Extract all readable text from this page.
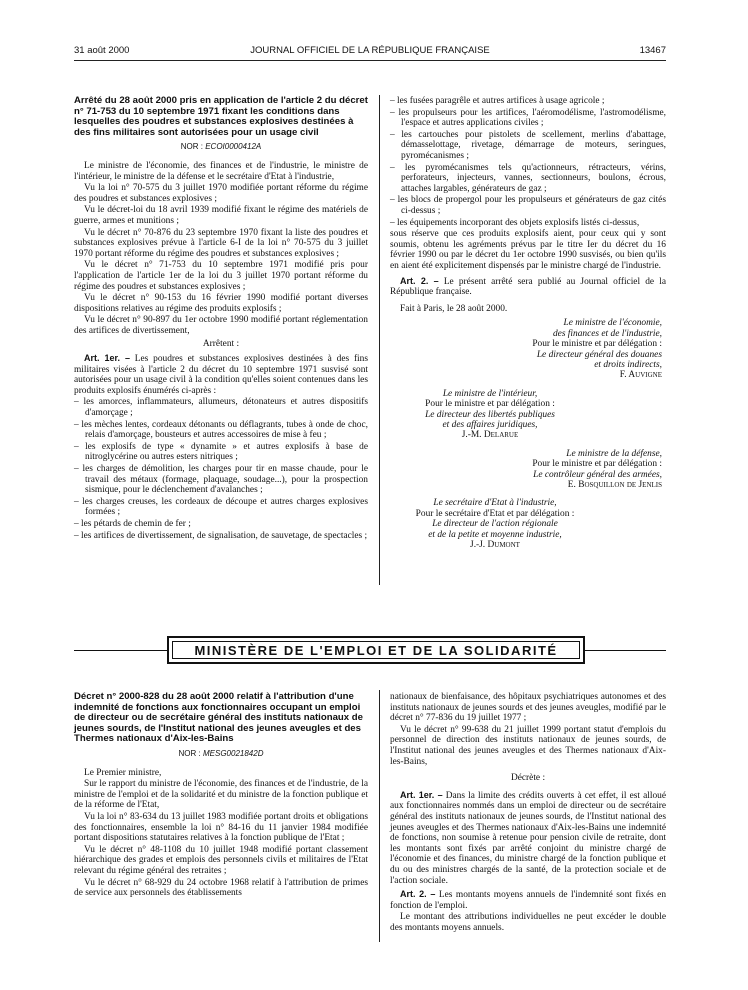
31 août 2000	JOURNAL OFFICIEL DE LA RÉPUBLIQUE FRANÇAISE	13467
Arrêté du 28 août 2000 pris en application de l'article 2 du décret n° 71-753 du 10 septembre 1971 fixant les conditions dans lesquelles des poudres et substances explosives destinées à des fins militaires sont autorisées pour un usage civil
NOR : ECOI0000412A

Le ministre de l'économie, des finances et de l'industrie, le ministre de l'intérieur, le ministre de la défense et le secrétaire d'Etat à l'industrie,

Vu la loi n° 70-575 du 3 juillet 1970 modifiée portant réforme du régime des poudres et substances explosives ;

Vu le décret-loi du 18 avril 1939 modifié fixant le régime des matériels de guerre, armes et munitions ;

Vu le décret n° 70-876 du 23 septembre 1970 fixant la liste des poudres et substances explosives prévue à l'article 6-I de la loi n° 70-575 du 3 juillet 1970 portant réforme du régime des poudres et substances explosives ;

Vu le décret n° 71-753 du 10 septembre 1971 modifié pris pour l'application de l'article 1er de la loi du 3 juillet 1970 portant réforme du régime des poudres et substances explosives ;

Vu le décret n° 90-153 du 16 février 1990 modifié portant diverses dispositions relatives au régime des produits explosifs ;

Vu le décret n° 90-897 du 1er octobre 1990 modifié portant réglementation des artifices de divertissement,

Arrêtent :

Art. 1er. – Les poudres et substances explosives destinées à des fins militaires visées à l'article 2 du décret du 10 septembre 1971 susvisé sont autorisées pour un usage civil à la condition qu'elles soient contenues dans les produits explosifs énumérés ci-après :

– les amorces, inflammateurs, allumeurs, détonateurs et autres dispositifs d'amorçage ;

– les mèches lentes, cordeaux détonants ou déflagrants, tubes à onde de choc, relais d'amorçage, bousteurs et autres accessoires de mise à feu ;

– les explosifs de type « dynamite » et autres explosifs à base de nitroglycérine ou autres esters nitriques ;

– les charges de démolition, les charges pour tir en masse chaude, pour le travail des métaux (formage, plaquage, soudage...), pour la prospection sismique, pour le déclenchement d'avalanches ;

– les charges creuses, les cordeaux de découpe et autres charges explosives formées ;

– les pétards de chemin de fer ;

– les artifices de divertissement, de signalisation, de sauvetage, de spectacles ;

– les fusées paragrêle et autres artifices à usage agricole ;

– les propulseurs pour les artifices, l'aéromodélisme, l'astromodélisme, l'espace et autres applications civiles ;

– les cartouches pour pistolets de scellement, merlins d'abattage, démasselottage, rivetage, démarrage de moteurs, seringues, pyromécanismes ;

– les pyromécanismes tels qu'actionneurs, rétracteurs, vérins, perforateurs, injecteurs, vannes, sectionneurs, boulons, écrous, attaches largables, générateurs de gaz ;

– les blocs de propergol pour les propulseurs et générateurs de gaz cités ci-dessus ;

– les équipements incorporant des objets explosifs listés ci-dessus,

sous réserve que ces produits explosifs aient, pour ceux qui y sont soumis, obtenu les agréments prévus par le titre Ier du décret du 16 février 1990 ou par le décret du 1er octobre 1990 susvisés, ou bien qu'ils en aient été explicitement dispensés par le ministre chargé de l'industrie.

Art. 2. – Le présent arrêté sera publié au Journal officiel de la République française.

Fait à Paris, le 28 août 2000.

Le ministre de l'économie,
des finances et de l'industrie,
Pour le ministre et par délégation :
Le directeur général des douanes
et droits indirects,
F. Auvigne
Le ministre de l'intérieur,
Pour le ministre et par délégation :
Le directeur des libertés publiques
et des affaires juridiques,
J.-M. Delarue
Le ministre de la défense,
Pour le ministre et par délégation :
Le contrôleur général des armées,
E. Bosquillon de Jenlis
Le secrétaire d'Etat à l'industrie,
Pour le secrétaire d'Etat et par délégation :
Le directeur de l'action régionale
et de la petite et moyenne industrie,
J.-J. Dumont
MINISTÈRE DE L'EMPLOI ET DE LA SOLIDARITÉ
Décret n° 2000-828 du 28 août 2000 relatif à l'attribution d'une indemnité de fonctions aux fonctionnaires occupant un emploi de directeur ou de secrétaire général des instituts nationaux de jeunes sourds, de l'Institut national des jeunes aveugles et des Thermes nationaux d'Aix-les-Bains
NOR : MESG0021842D

Le Premier ministre,

Sur le rapport du ministre de l'économie, des finances et de l'industrie, de la ministre de l'emploi et de la solidarité et du ministre de la fonction publique et de la réforme de l'Etat,

Vu la loi n° 83-634 du 13 juillet 1983 modifiée portant droits et obligations des fonctionnaires, ensemble la loi n° 84-16 du 11 janvier 1984 modifiée portant dispositions statutaires relatives à la fonction publique de l'Etat ;

Vu le décret n° 48-1108 du 10 juillet 1948 modifié portant classement hiérarchique des grades et emplois des personnels civils et militaires de l'Etat relevant du régime général des retraites ;

Vu le décret n° 68-929 du 24 octobre 1968 relatif à l'attribution de primes de service aux personnels des établissements

nationaux de bienfaisance, des hôpitaux psychiatriques autonomes et des instituts nationaux de jeunes sourds et des jeunes aveugles, modifié par le décret n° 77-836 du 19 juillet 1977 ;

Vu le décret n° 99-638 du 21 juillet 1999 portant statut d'emplois du personnel de direction des instituts nationaux de jeunes sourds, de l'Institut national des jeunes aveugles et des Thermes nationaux d'Aix-les-Bains,

Décrète :

Art. 1er. – Dans la limite des crédits ouverts à cet effet, il est alloué aux fonctionnaires nommés dans un emploi de directeur ou de secrétaire général des instituts nationaux de jeunes sourds, de l'Institut national des jeunes aveugles et des Thermes nationaux d'Aix-les-Bains une indemnité de fonctions, non soumise à retenue pour pension civile de retraite, dont les montants sont fixés par arrêté conjoint du ministre chargé de l'économie et des finances, du ministre chargé de la fonction publique et du ou des ministres chargés de la santé, de la protection sociale et de l'action sociale.

Art. 2. – Les montants moyens annuels de l'indemnité sont fixés en fonction de l'emploi.

Le montant des attributions individuelles ne peut excéder le double des montants moyens annuels.
